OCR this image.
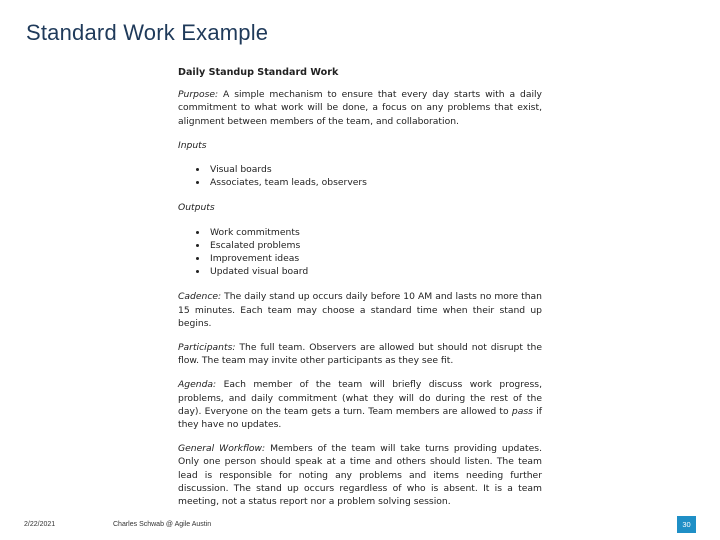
Standard Work Example
Daily Standup Standard Work

Purpose: A simple mechanism to ensure that every day starts with a daily commitment to what work will be done, a focus on any problems that exist, alignment between members of the team, and collaboration.

Inputs
• Visual boards
• Associates, team leads, observers
Outputs
• Work commitments
• Escalated problems
• Improvement ideas
• Updated visual board

Cadence: The daily stand up occurs daily before 10 AM and lasts no more than 15 minutes. Each team may choose a standard time when their stand up begins.

Participants: The full team. Observers are allowed but should not disrupt the flow. The team may invite other participants as they see fit.

Agenda: Each member of the team will briefly discuss work progress, problems, and daily commitment (what they will do during the rest of the day). Everyone on the team gets a turn. Team members are allowed to pass if they have no updates.

General Workflow: Members of the team will take turns providing updates. Only one person should speak at a time and others should listen. The team lead is responsible for noting any problems and items needing further discussion. The stand up occurs regardless of who is absent. It is a team meeting, not a status report nor a problem solving session.

2/22/2021	Charles Schwab @ Agile Austin	30
